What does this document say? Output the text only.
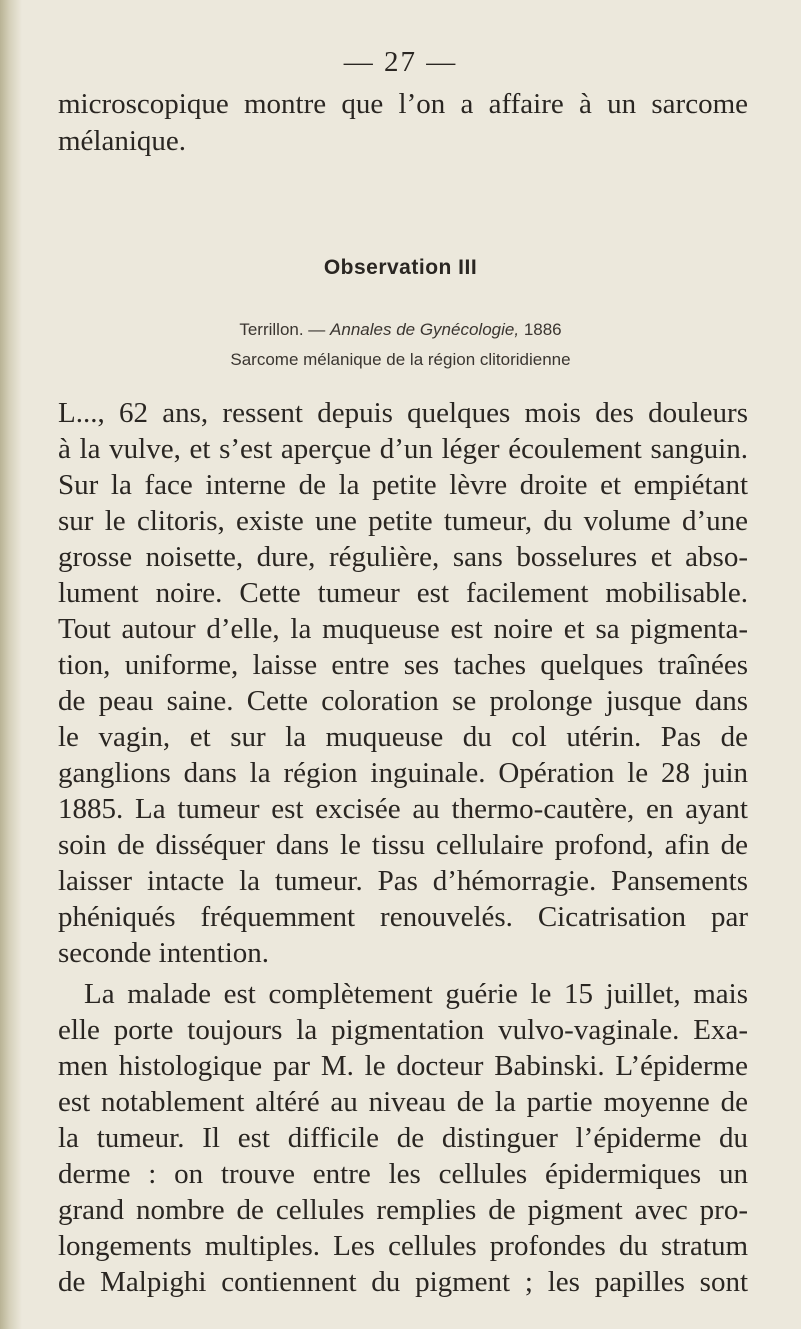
— 27 —
microscopique montre que l’on a affaire à un sarcome
mélanique.
Observation III
Terrillon. — Annales de Gynécologie, 1886
Sarcome mélanique de la région clitoridienne
L..., 62 ans, ressent depuis quelques mois des douleurs
à la vulve, et s’est aperçue d’un léger écoulement sanguin.
Sur la face interne de la petite lèvre droite et empiétant
sur le clitoris, existe une petite tumeur, du volume d’une
grosse noisette, dure, régulière, sans bosselures et abso-
lument noire. Cette tumeur est facilement mobilisable.
Tout autour d’elle, la muqueuse est noire et sa pigmenta-
tion, uniforme, laisse entre ses taches quelques traînées
de peau saine. Cette coloration se prolonge jusque dans
le vagin, et sur la muqueuse du col utérin. Pas de
ganglions dans la région inguinale. Opération le 28 juin
1885. La tumeur est excisée au thermo-cautère, en ayant
soin de disséquer dans le tissu cellulaire profond, afin de
laisser intacte la tumeur. Pas d’hémorragie. Pansements
phéniqués fréquemment renouvelés. Cicatrisation par
seconde intention.
La malade est complètement guérie le 15 juillet, mais
elle porte toujours la pigmentation vulvo-vaginale. Exa-
men histologique par M. le docteur Babinski. L’épiderme
est notablement altéré au niveau de la partie moyenne de
la tumeur. Il est difficile de distinguer l’épiderme du
derme : on trouve entre les cellules épidermiques un
grand nombre de cellules remplies de pigment avec pro-
longements multiples. Les cellules profondes du stratum
de Malpighi contiennent du pigment ; les papilles sont
